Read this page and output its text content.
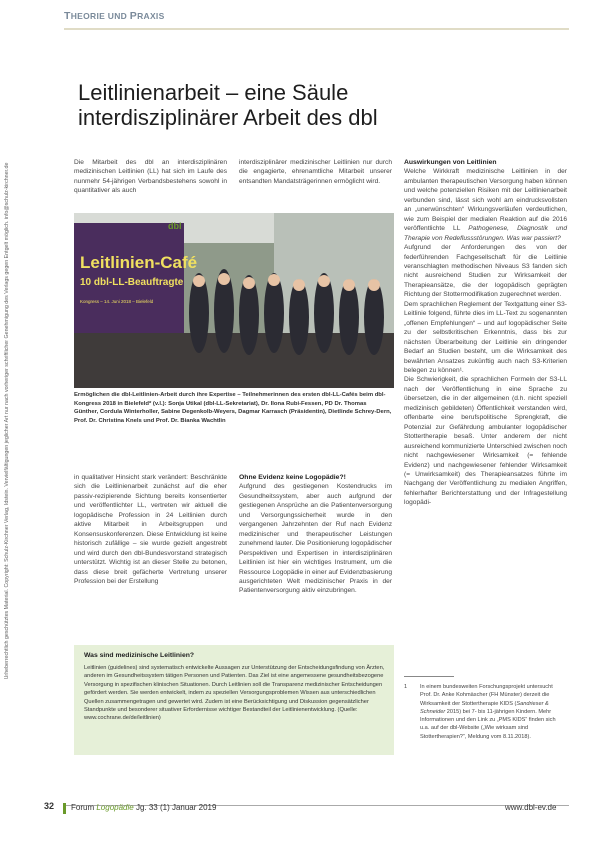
THEORIE UND PRAXIS
Urheberrechtlich geschütztes Material. Copyright: Schulz-Kirchner Verlag, Idstein. Vervielfältigungen jeglicher Art nur nach vorheriger schriftlicher Genehmigung des Verlags gegen Entgelt möglich. info@schulz-kirchner.de
Leitlinienarbeit – eine Säule
interdisziplinärer Arbeit des dbl

Die Mitarbeit des dbl an interdisziplinären medizinischen Leitlinien (LL) hat sich im Laufe des nunmehr 54-jährigen Verbandsbestehens sowohl in quantitativer als auch

interdisziplinärer medizinischer Leitlinien nur durch die engagierte, ehrenamtliche Mitarbeit unserer entsandten Mandatsträgerinnen ermöglicht wird.

dbl
Leitlinien-Café
10 dbl-LL-Beauftragte
Kongress – 14. Juni 2018 – Bielefeld
Ermöglichen die dbl-Leitlinien-Arbeit durch ihre Expertise – Teilnehmerinnen des ersten dbl-LL-Cafés beim dbl-Kongress 2018 in Bielefeld* (v.l.): Sonja Utikal (dbl-LL-Sekretariat), Dr. Ilona Rubi-Fessen, PD Dr. Thomas Günther, Cordula Winterholler, Sabine Degenkolb-Weyers, Dagmar Karrasch (Präsidentin), Dietlinde Schrey-Dern, Prof. Dr. Christina Knels und Prof. Dr. Bianka Wachtlin

in qualitativer Hinsicht stark verändert: Beschränkte sich die Leitlinienarbeit zunächst auf die eher passiv-rezipierende Sichtung bereits konsentierter und veröffentlichter LL, vertreten wir aktuell die logopädische Profession in 24 Leitlinien durch aktive Mitarbeit in Arbeitsgruppen und Konsensuskonferenzen. Diese Entwicklung ist keine historisch zufällige – sie wurde gezielt angestrebt und wird durch den dbl-Bundesvorstand strategisch unterstützt. Wichtig ist an dieser Stelle zu betonen, dass diese breit gefächerte Vertretung unserer Profession bei der Erstellung

Ohne Evidenz keine Logopädie?!

Aufgrund des gestiegenen Kostendrucks im Gesundheitssystem, aber auch aufgrund der gestiegenen Ansprüche an die Patientenversorgung und Versorgungssicherheit wurde in den vergangenen Jahrzehnten der Ruf nach Evidenz medizinischer und therapeutischer Leistungen zunehmend lauter. Die Positionierung logopädischer Perspektiven und Expertisen in interdisziplinären Leitlinien ist hier ein wichtiges Instrument, um die Ressource Logopädie in einer auf Evidenzbasierung ausgerichteten Welt medizinischer Praxis in der Patientenversorgung aktiv einzubringen.

Auswirkungen von Leitlinien

Welche Wirkkraft medizinische Leitlinien in der ambulanten therapeutischen Versorgung haben können und welche potenziellen Risiken mit der Leitlinienarbeit verbunden sind, lässt sich wohl am eindrucksvollsten an „unerwünschten“ Wirkungsverläufen verdeutlichen, wie zum Beispiel der medialen Reaktion auf die 2016 veröffentlichte LL Pathogenese, Diagnostik und Therapie von Redeflussstörungen. Was war passiert?

Aufgrund der Anforderungen des von der federführenden Fachgesellschaft für die Leitlinie veranschlagten methodischen Niveaus S3 fanden sich nicht ausreichend Studien zur Wirksamkeit der Therapieansätze, die der logopädisch geprägten Richtung der Stottermodifikation zugerechnet werden.

Dem sprachlichen Reglement der Textgattung einer S3-Leitlinie folgend, führte dies im LL-Text zu sogenannten „offenen Empfehlungen“ – und auf logopädischer Seite zu der selbstkritischen Erkenntnis, dass bis zur nächsten Überarbeitung der Leitlinie ein dringender Bedarf an Studien besteht, um die Wirksamkeit des bewährten Ansatzes zukünftig auch nach S3-Kriterien belegen zu können¹.

Die Schwierigkeit, die sprachlichen Formeln der S3-LL nach der Veröffentlichung in eine Sprache zu übersetzen, die in der allgemeinen (d.h. nicht speziell medizinisch gebildeten) Öffentlichkeit verstanden wird, offenbarte eine berufspolitische Sprengkraft, die Potenzial zur Gefährdung ambulanter logopädischer Stottertherapie besaß. Unter anderem der nicht ausreichend kommunizierte Unterschied zwischen noch nicht nachgewiesener Wirksamkeit (= fehlende Evidenz) und nachgewiesener fehlender Wirksamkeit (= Unwirksamkeit) des Therapieansatzes führte im Nachgang der Veröffentlichung zu medialen Angriffen, fehlerhafter Berichterstattung und der Infragestellung logopädi-

Was sind medizinische Leitlinien?
Leitlinien (guidelines) sind systematisch entwickelte Aussagen zur Unterstützung der Entscheidungsfindung von Ärzten, anderen im Gesundheitssystem tätigen Personen und Patienten. Das Ziel ist eine angemessene gesundheitsbezogene Versorgung in spezifischen klinischen Situationen. Durch Leitlinien soll die Transparenz medizinischer Entscheidungen gefördert werden. Sie werden entwickelt, indem zu speziellen Versorgungsproblemen Wissen aus unterschiedlichen Quellen zusammengetragen und gewertet wird. Zudem ist eine Berücksichtigung und Diskussion gegensätzlicher Standpunkte und besonderer situativer Erfordernisse wichtiger Bestandteil der Leitlinienentwicklung. (Quelle: www.cochrane.de/de/leitlinien)
1 In einem bundesweiten Forschungsprojekt untersucht Prof. Dr. Anke Kohmäscher (FH Münster) derzeit die Wirksamkeit der Stottertherapie KIDS (Sandrieser & Schneider 2015) bei 7- bis 11-jährigen Kindern. Mehr Informationen und den Link zu „PMS KIDS“ finden sich u.a. auf der dbl-Website („Wie wirksam sind Stottertherapien?“, Meldung vom 8.11.2018).
32 Forum Logopädie Jg. 33 (1) Januar 2019	www.dbl-ev.de
